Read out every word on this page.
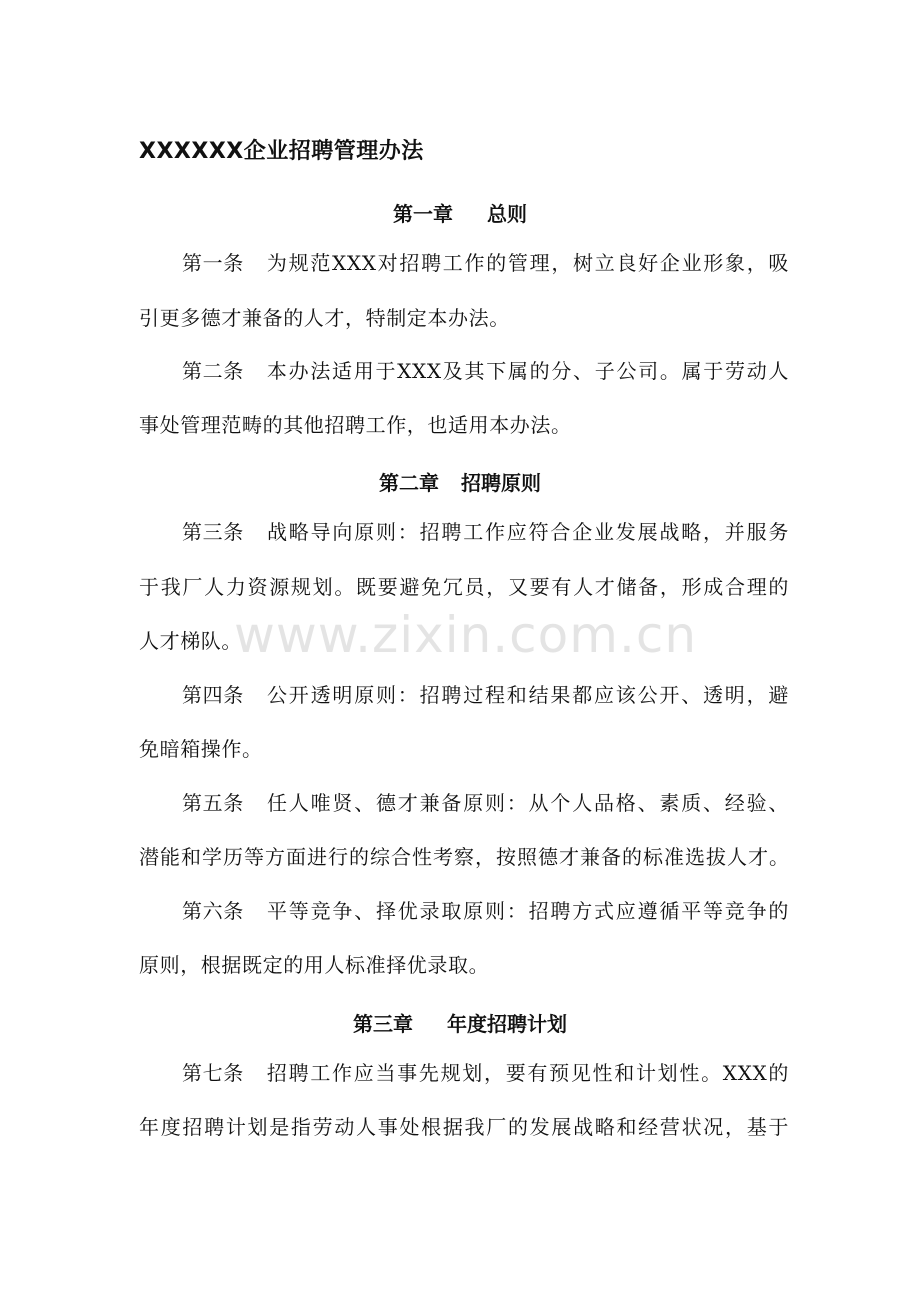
XXXXXX企业招聘管理办法
第一章 总则
第一条 为规范XXX对招聘工作的管理，树立良好企业形象，吸
引更多德才兼备的人才，特制定本办法。
第二条 本办法适用于XXX及其下属的分、子公司。属于劳动人
事处管理范畴的其他招聘工作，也适用本办法。
第二章 招聘原则
第三条 战略导向原则：招聘工作应符合企业发展战略，并服务
于我厂人力资源规划。既要避免冗员，又要有人才储备，形成合理的
人才梯队。
第四条 公开透明原则：招聘过程和结果都应该公开、透明，避
免暗箱操作。
第五条 任人唯贤、德才兼备原则：从个人品格、素质、经验、
潜能和学历等方面进行的综合性考察，按照德才兼备的标准选拔人才。
第六条 平等竞争、择优录取原则：招聘方式应遵循平等竞争的
原则，根据既定的用人标准择优录取。
第三章 年度招聘计划
第七条 招聘工作应当事先规划，要有预见性和计划性。XXX的
年度招聘计划是指劳动人事处根据我厂的发展战略和经营状况，基于
www.zixin.com.cn
